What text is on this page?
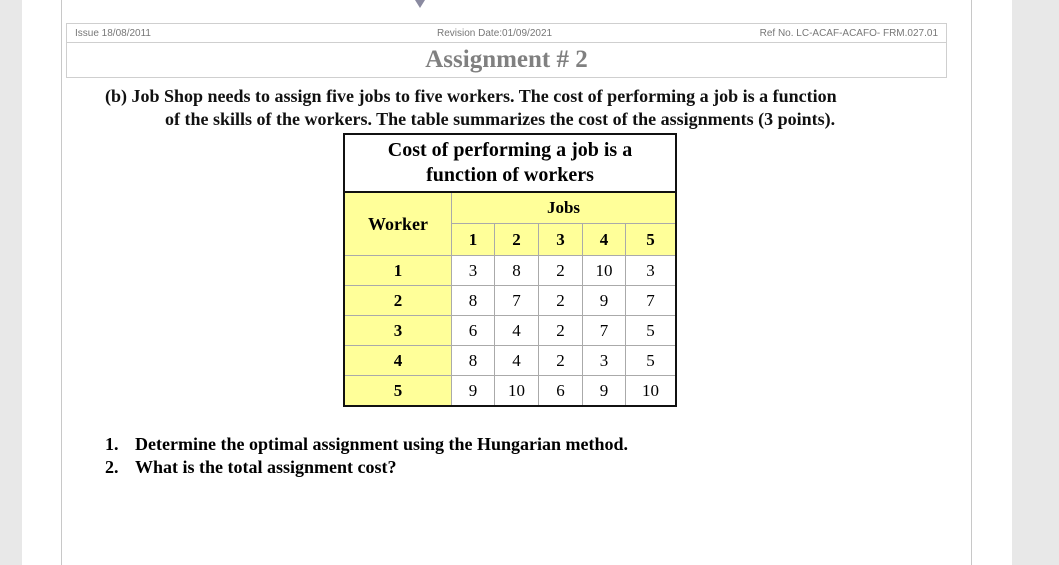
Issue 18/08/2011	Revision Date:01/09/2021	Ref No. LC-ACAF-ACAFO- FRM.027.01
Assignment # 2
(b) Job Shop needs to assign five jobs to five workers. The cost of performing a job is a function
of the skills of the workers. The table summarizes the cost of the assignments (3 points).
Cost of performing a job is a
function of workers					

Worker	Jobs				
	1	2	3	4	5
1	3	8	2	10	3
2	8	7	2	9	7
3	6	4	2	7	5
4	8	4	2	3	5
5	9	10	6	9	10
1. Determine the optimal assignment using the Hungarian method.
2. What is the total assignment cost?
